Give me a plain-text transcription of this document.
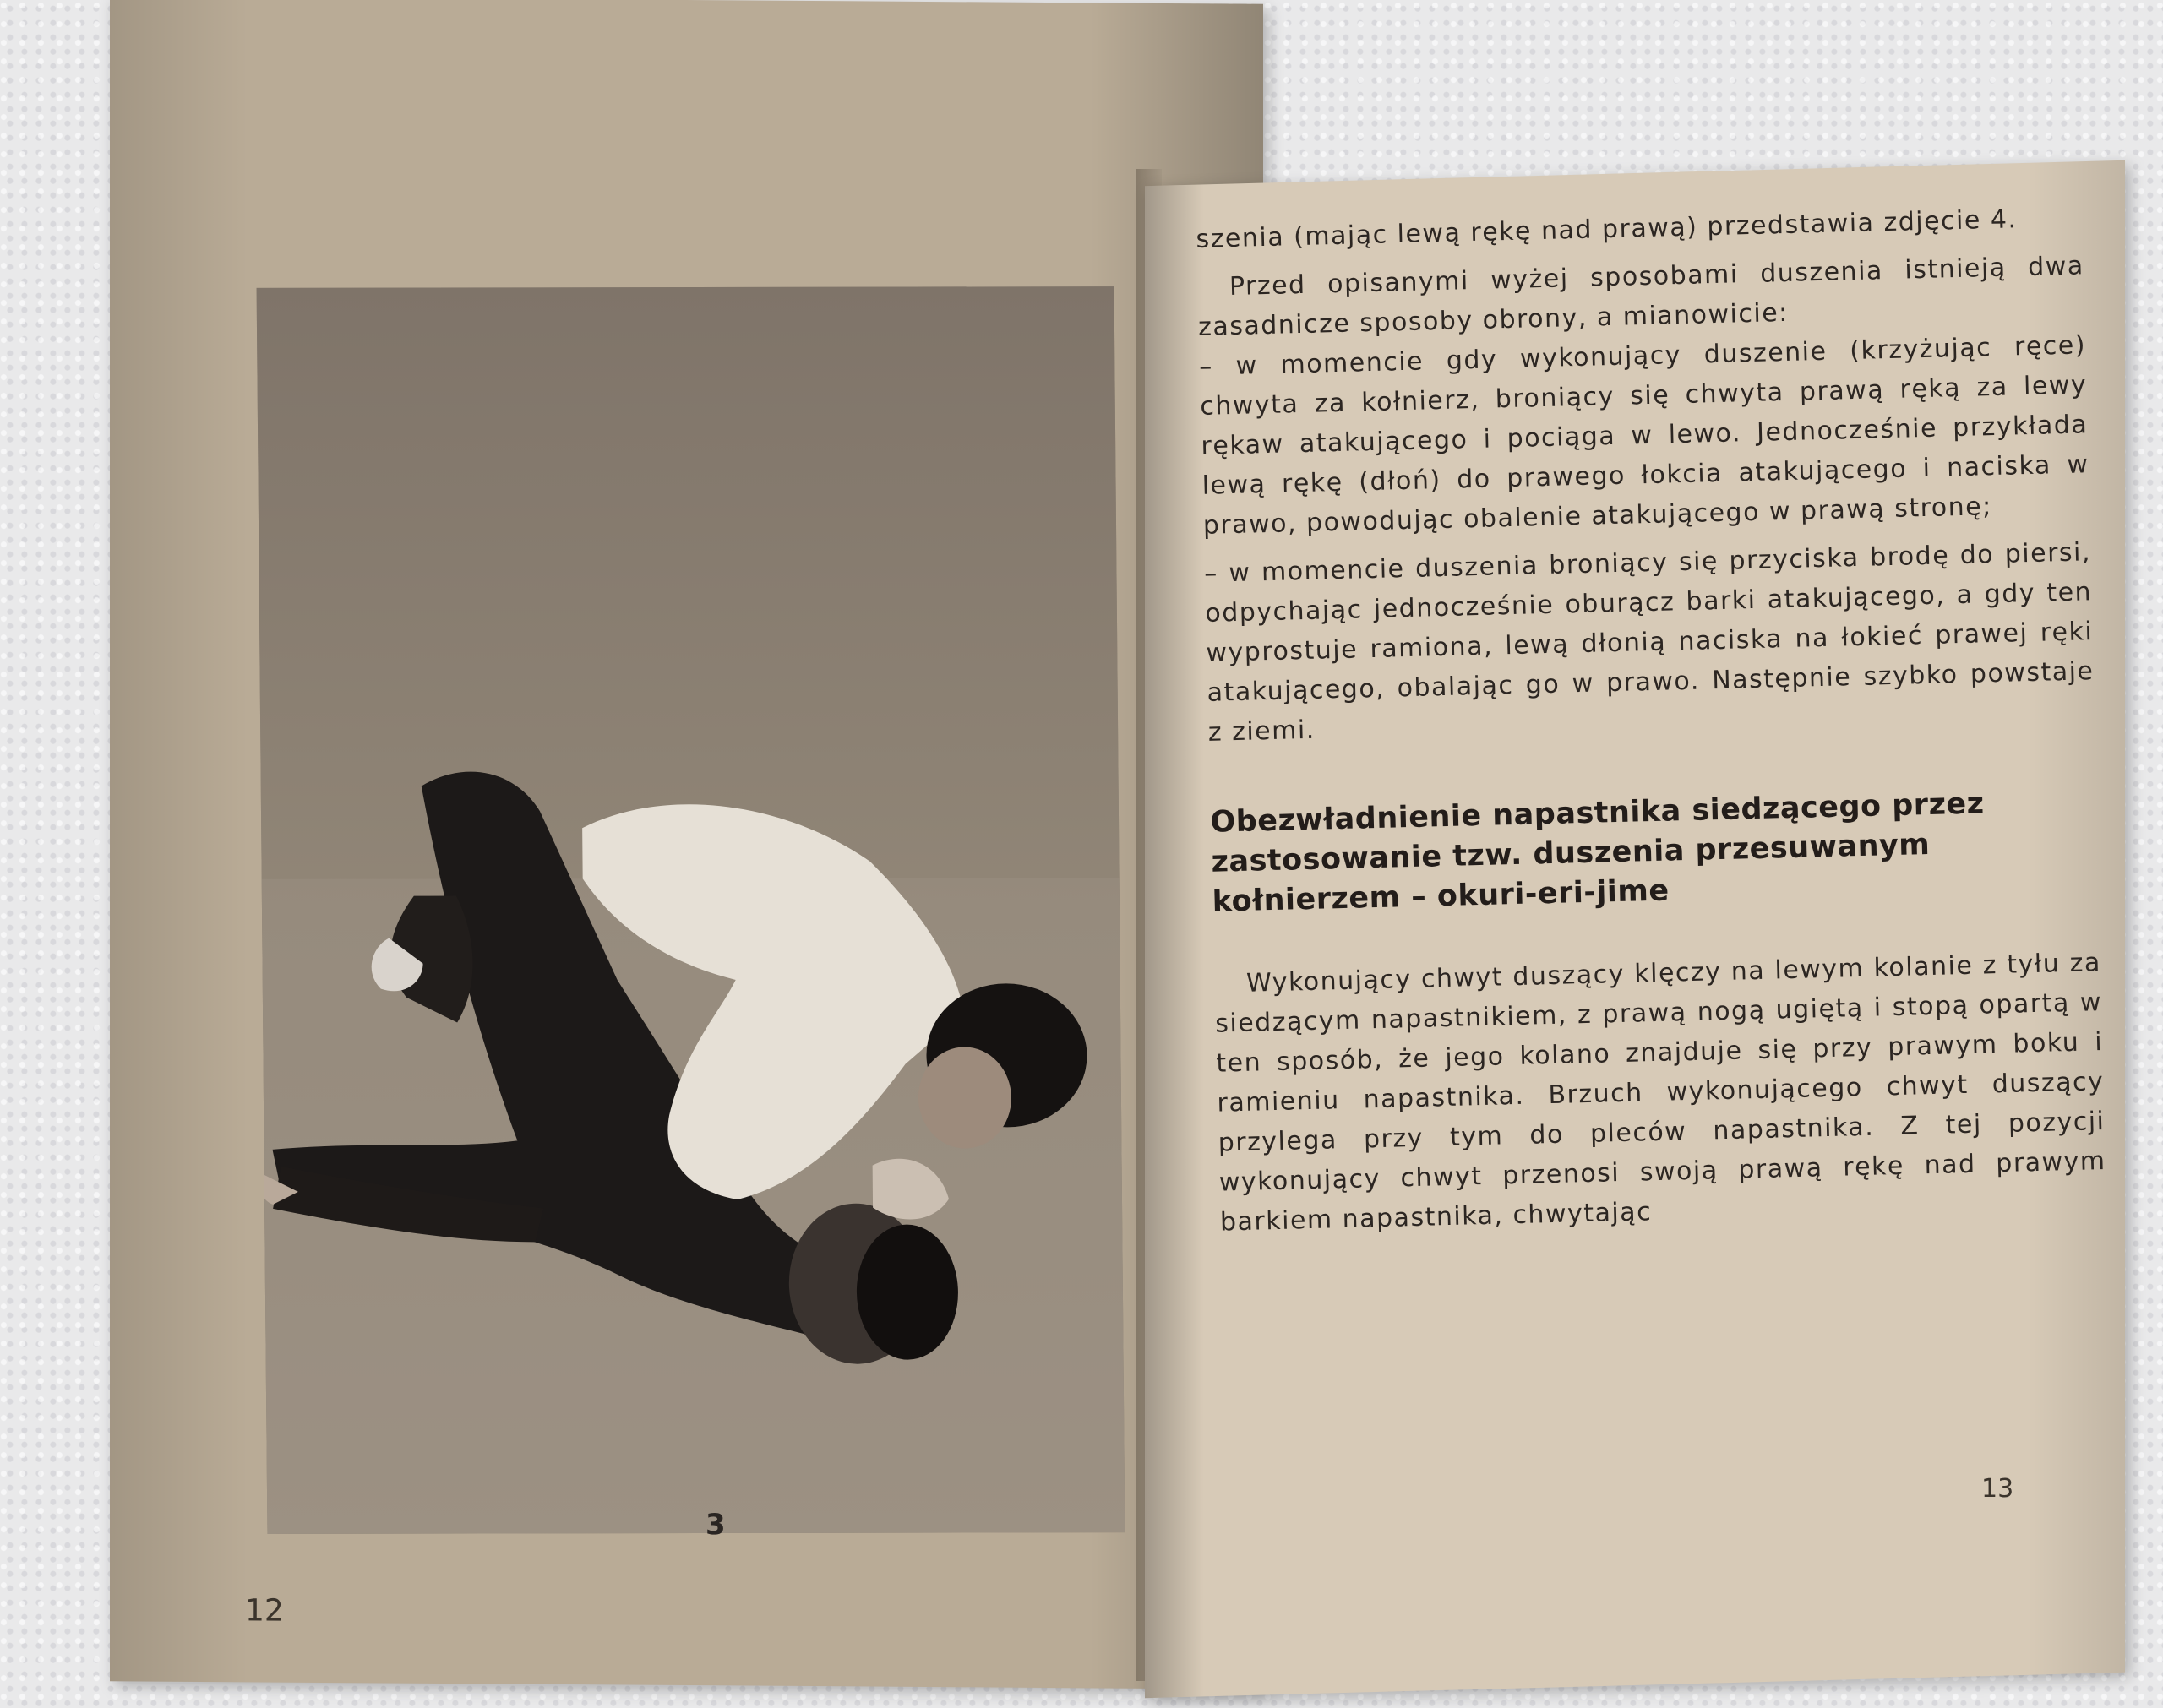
3
12

szenia (mając lewą rękę nad prawą) przedstawia zdjęcie 4.

Przed opisanymi wyżej sposobami duszenia istnieją dwa zasadnicze sposoby obrony, a mianowicie:

– w momencie gdy wykonujący duszenie (krzyżując ręce) chwyta za kołnierz, broniący się chwyta prawą ręką za lewy rękaw atakującego i pociąga w lewo. Jednocześnie przykłada lewą rękę (dłoń) do prawego łokcia atakującego i naciska w prawo, powodując obalenie atakującego w prawą stronę;

– w momencie duszenia broniący się przyciska brodę do piersi, odpychając jednocześnie oburącz barki atakującego, a gdy ten wyprostuje ramiona, lewą dłonią naciska na łokieć prawej ręki atakującego, obalając go w prawo. Następnie szybko powstaje z ziemi.

Obezwładnienie napastnika siedzącego przez zastosowanie tzw. duszenia przesuwanym kołnierzem – okuri-eri-jime

Wykonujący chwyt duszący klęczy na lewym kolanie z tyłu za siedzącym napastnikiem, z prawą nogą ugiętą i stopą opartą w ten sposób, że jego kolano znajduje się przy prawym boku i ramieniu napastnika. Brzuch wykonującego chwyt duszący przylega przy tym do pleców napastnika. Z tej pozycji wykonujący chwyt przenosi swoją prawą rękę nad prawym barkiem napastnika, chwytając

13
